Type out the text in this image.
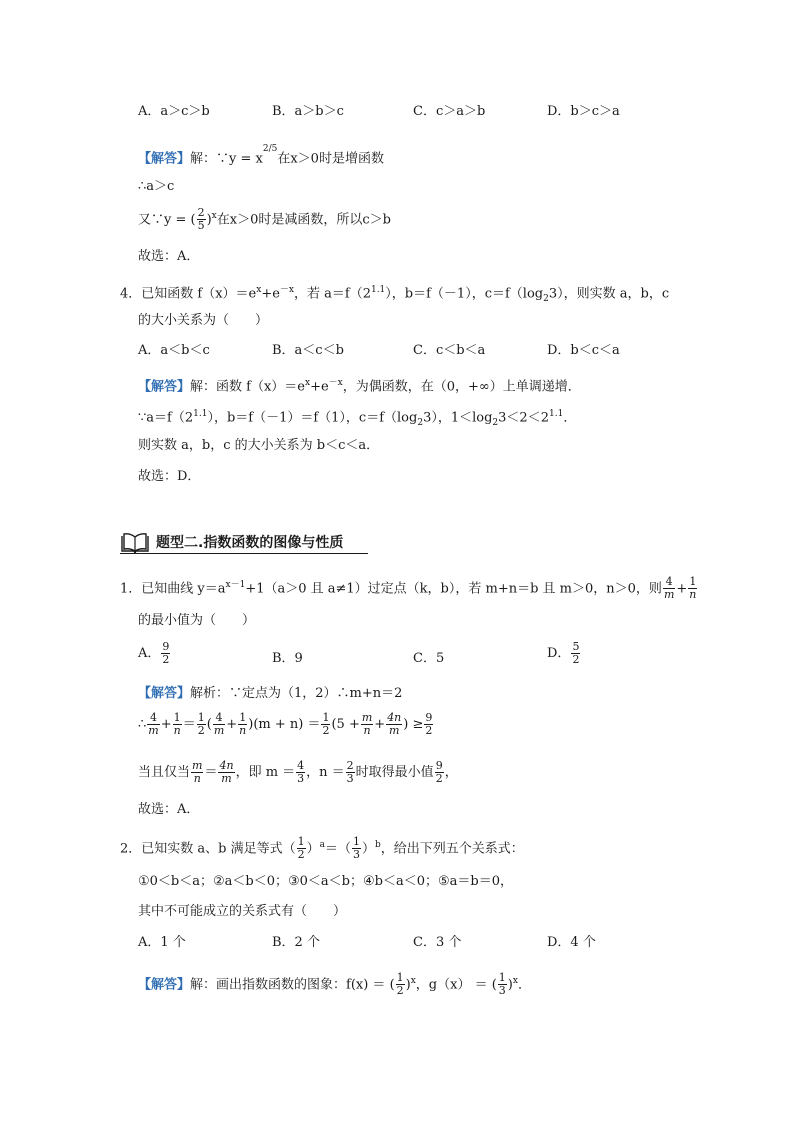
A．a＞c＞b	B．a＞b＞c	C．c＞a＞b	D．b＞c＞a
【解答】解：∵y = $x^{2/5}$在x＞0时是增函数
∴a＞c
又∵y = ( $\frac{2}{5} )^x$在x＞0时是减函数，所以c＞b
故选：A．
4．已知函数 $f(x)=e^x+e^{-x}$，若 $a=f(2^{1.1})$，b＝f（－1），$c=f(\log_23)$，则实数 a，b，c
的大小关系为（　　）
A．a＜b＜c	B．a＜c＜b	C．c＜b＜a	D．b＜c＜a
【解答】解：函数 $f(x)=e^x+e^{-x}$，为偶函数，在（0，+∞）上单调递增．
$\because a=f(2^{1.1})$，b＝f（－1）＝f（1），$c=f(\log_23)$，$1<\log_23<2<2^{1.1}$．
则实数 a，b，c 的大小关系为 b＜c＜a．
故选：D．
题型二.指数函数的图像与性质
1．已知曲线 $y=a^{x-1}+1(a>0$ 且 a≠1）过定点（k，b），若 m+n＝b 且 m＞0，n＞0，则 $\frac{4}{m} + \frac{1}{n}$
的最小值为（　　）
A． $\frac{9}{2}$	B．9	C．5	D． $\frac{5}{2}$
【解答】解析：∵定点为（1，2）∴m+n＝2
∴ $\frac{4}{m} + \frac{1}{n} = \frac{1}{2}$ ( $\frac{4}{m} + \frac{1}{n} )(m + n) = \frac{1}{2} (5 + \frac{m}{n} + \frac{4n}{m}$ ) ≥ $\frac{9}{2}$
当且仅当 $\frac{m}{n} = \frac{4n}{m}$ ，即 $m = \frac{4}{3}$ ，$n = \frac{2}{3}$ 时取得最小值 $\frac{9}{2}$ ，
故选：A．
2．已知实数 a、b 满足等式（ $\frac{1}{2} )^a=( \frac{1}{3} )^b$，给出下列五个关系式：
①0＜b＜a；②a＜b＜0；③0＜a＜b；④b＜a＜0；⑤a＝b＝0，
其中不可能成立的关系式有（　　）
A．1 个	B．2 个	C．3 个	D．4 个
【解答】解：画出指数函数的图象：f(x) ＝ ( $\frac{1}{2} )^x$，g（x） ＝ ( $\frac{1}{3} )^x$．
